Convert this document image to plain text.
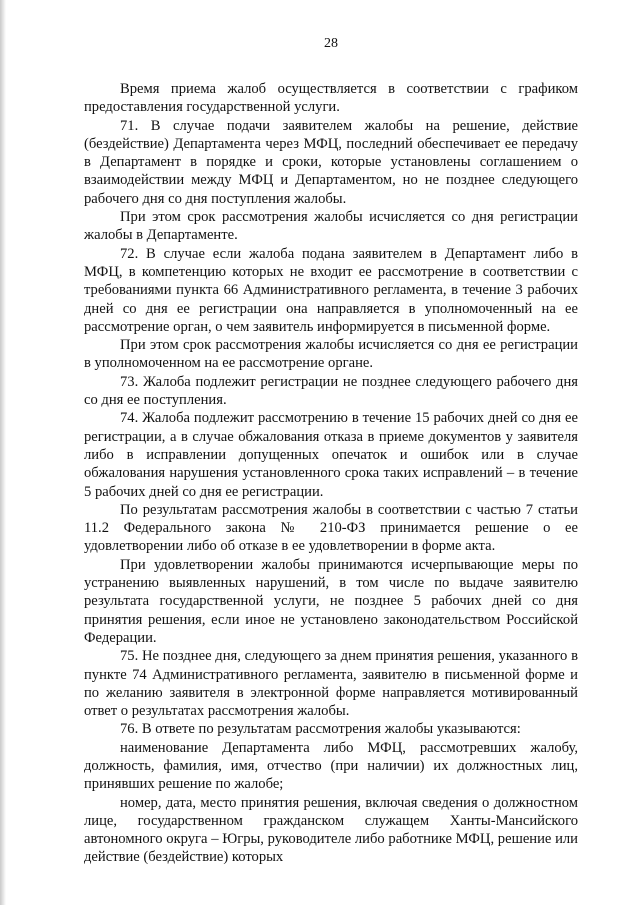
28

Время приема жалоб осуществляется в соответствии с графиком предоставления государственной услуги.

71. В случае подачи заявителем жалобы на решение, действие (бездействие) Департамента через МФЦ, последний обеспечивает ее передачу в Департамент в порядке и сроки, которые установлены соглашением о взаимодействии между МФЦ и Департаментом, но не позднее следующего рабочего дня со дня поступления жалобы.

При этом срок рассмотрения жалобы исчисляется со дня регистрации жалобы в Департаменте.

72. В случае если жалоба подана заявителем в Департамент либо в МФЦ, в компетенцию которых не входит ее рассмотрение в соответствии с требованиями пункта 66 Административного регламента, в течение 3 рабочих дней со дня ее регистрации она направляется в уполномоченный на ее рассмотрение орган, о чем заявитель информируется в письменной форме.

При этом срок рассмотрения жалобы исчисляется со дня ее регистрации в уполномоченном на ее рассмотрение органе.

73. Жалоба подлежит регистрации не позднее следующего рабочего дня со дня ее поступления.

74. Жалоба подлежит рассмотрению в течение 15 рабочих дней со дня ее регистрации, а в случае обжалования отказа в приеме документов у заявителя либо в исправлении допущенных опечаток и ошибок или в случае обжалования нарушения установленного срока таких исправлений – в течение 5 рабочих дней со дня ее регистрации.

По результатам рассмотрения жалобы в соответствии с частью 7 статьи 11.2 Федерального закона № 210-ФЗ принимается решение о ее удовлетворении либо об отказе в ее удовлетворении в форме акта.

При удовлетворении жалобы принимаются исчерпывающие меры по устранению выявленных нарушений, в том числе по выдаче заявителю результата государственной услуги, не позднее 5 рабочих дней со дня принятия решения, если иное не установлено законодательством Российской Федерации.

75. Не позднее дня, следующего за днем принятия решения, указанного в пункте 74 Административного регламента, заявителю в письменной форме и по желанию заявителя в электронной форме направляется мотивированный ответ о результатах рассмотрения жалобы.

76. В ответе по результатам рассмотрения жалобы указываются:

наименование Департамента либо МФЦ, рассмотревших жалобу, должность, фамилия, имя, отчество (при наличии) их должностных лиц, принявших решение по жалобе;

номер, дата, место принятия решения, включая сведения о должностном лице, государственном гражданском служащем Ханты-Мансийского автономного округа – Югры, руководителе либо работнике МФЦ, решение или действие (бездействие) которых
